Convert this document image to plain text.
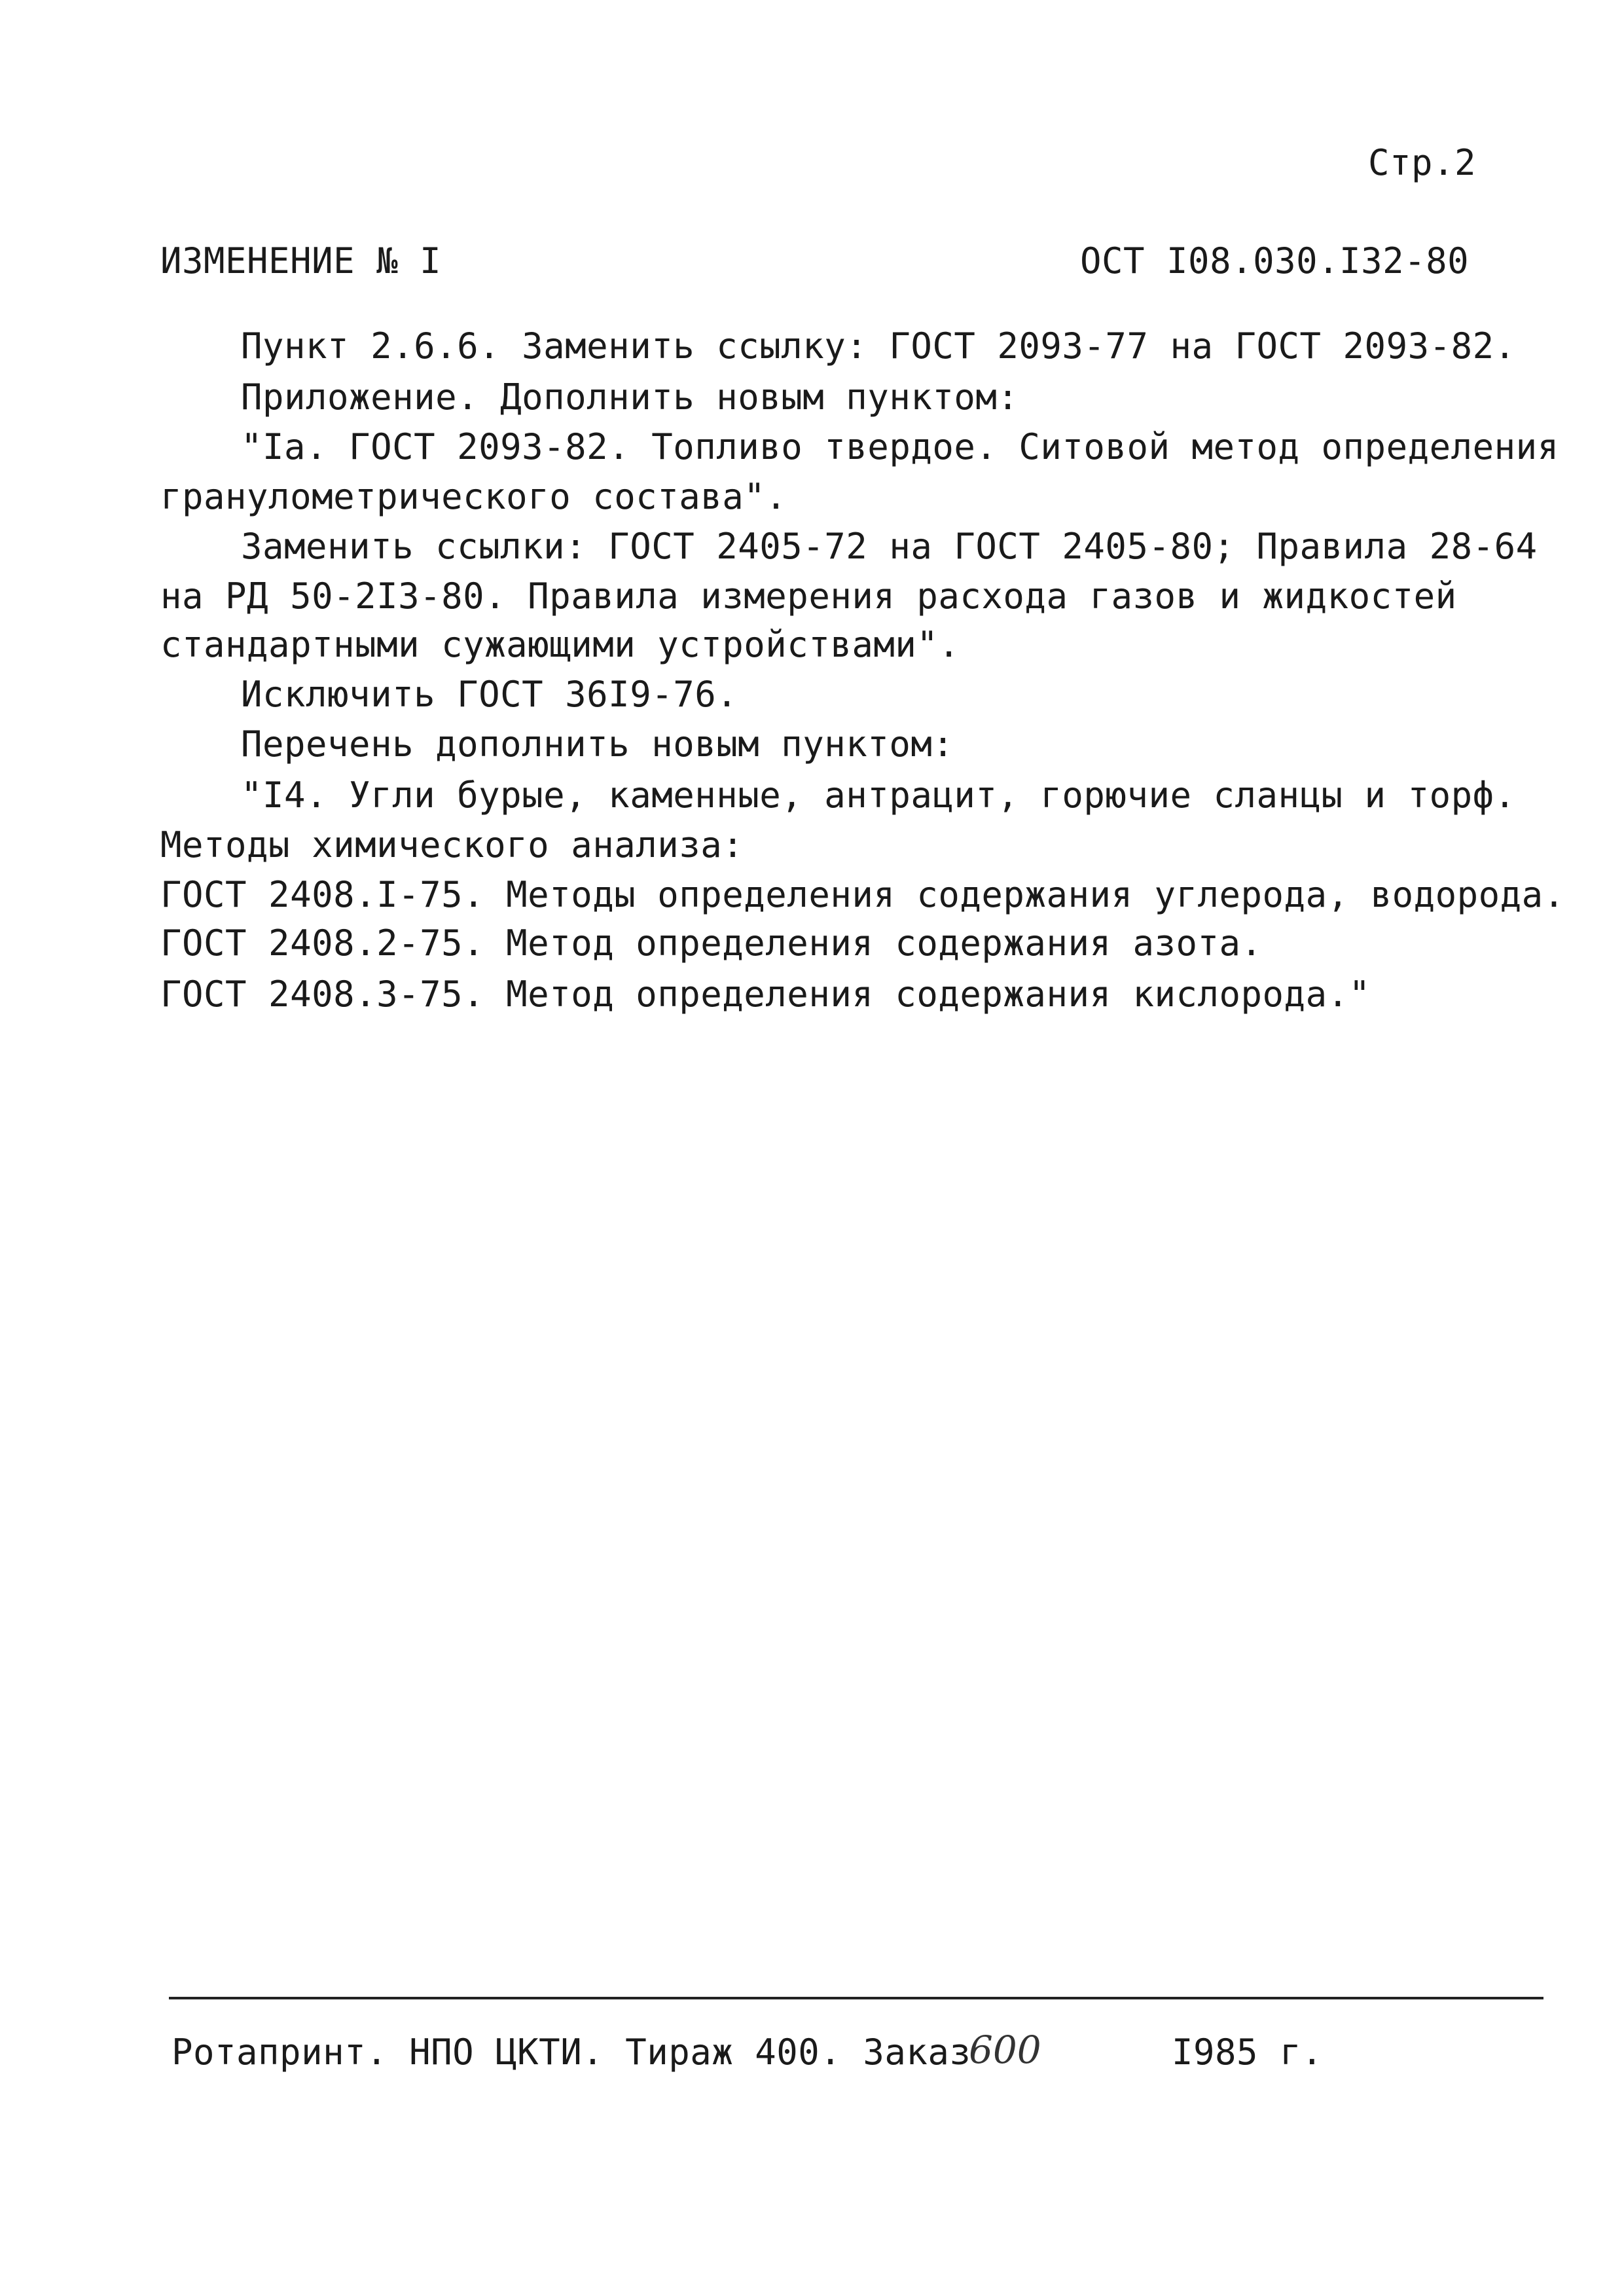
Стр.2
ИЗМЕНЕНИЕ № I	ОСТ I08.030.I32-80
Пункт 2.6.6. Заменить ссылку: ГОСТ 2093-77 на ГОСТ 2093-82.
Приложение. Дополнить новым пунктом:
"Iа. ГОСТ 2093-82. Топливо твердое. Ситовой метод определения
гранулометрического состава".
Заменить ссылки: ГОСТ 2405-72 на ГОСТ 2405-80; Правила 28-64
на РД 50-2I3-80. Правила измерения расхода газов и жидкостей
стандартными сужающими устройствами".
Исключить ГОСТ 36I9-76.
Перечень дополнить новым пунктом:
"I4. Угли бурые, каменные, антрацит, горючие сланцы и торф.
Методы химического анализа:
ГОСТ 2408.I-75. Методы определения содержания углерода, водорода.
ГОСТ 2408.2-75. Метод определения содержания азота.
ГОСТ 2408.3-75. Метод определения содержания кислорода."
Ротапринт. НПО ЦКТИ. Тираж 400. Заказ
600	I985 г.
